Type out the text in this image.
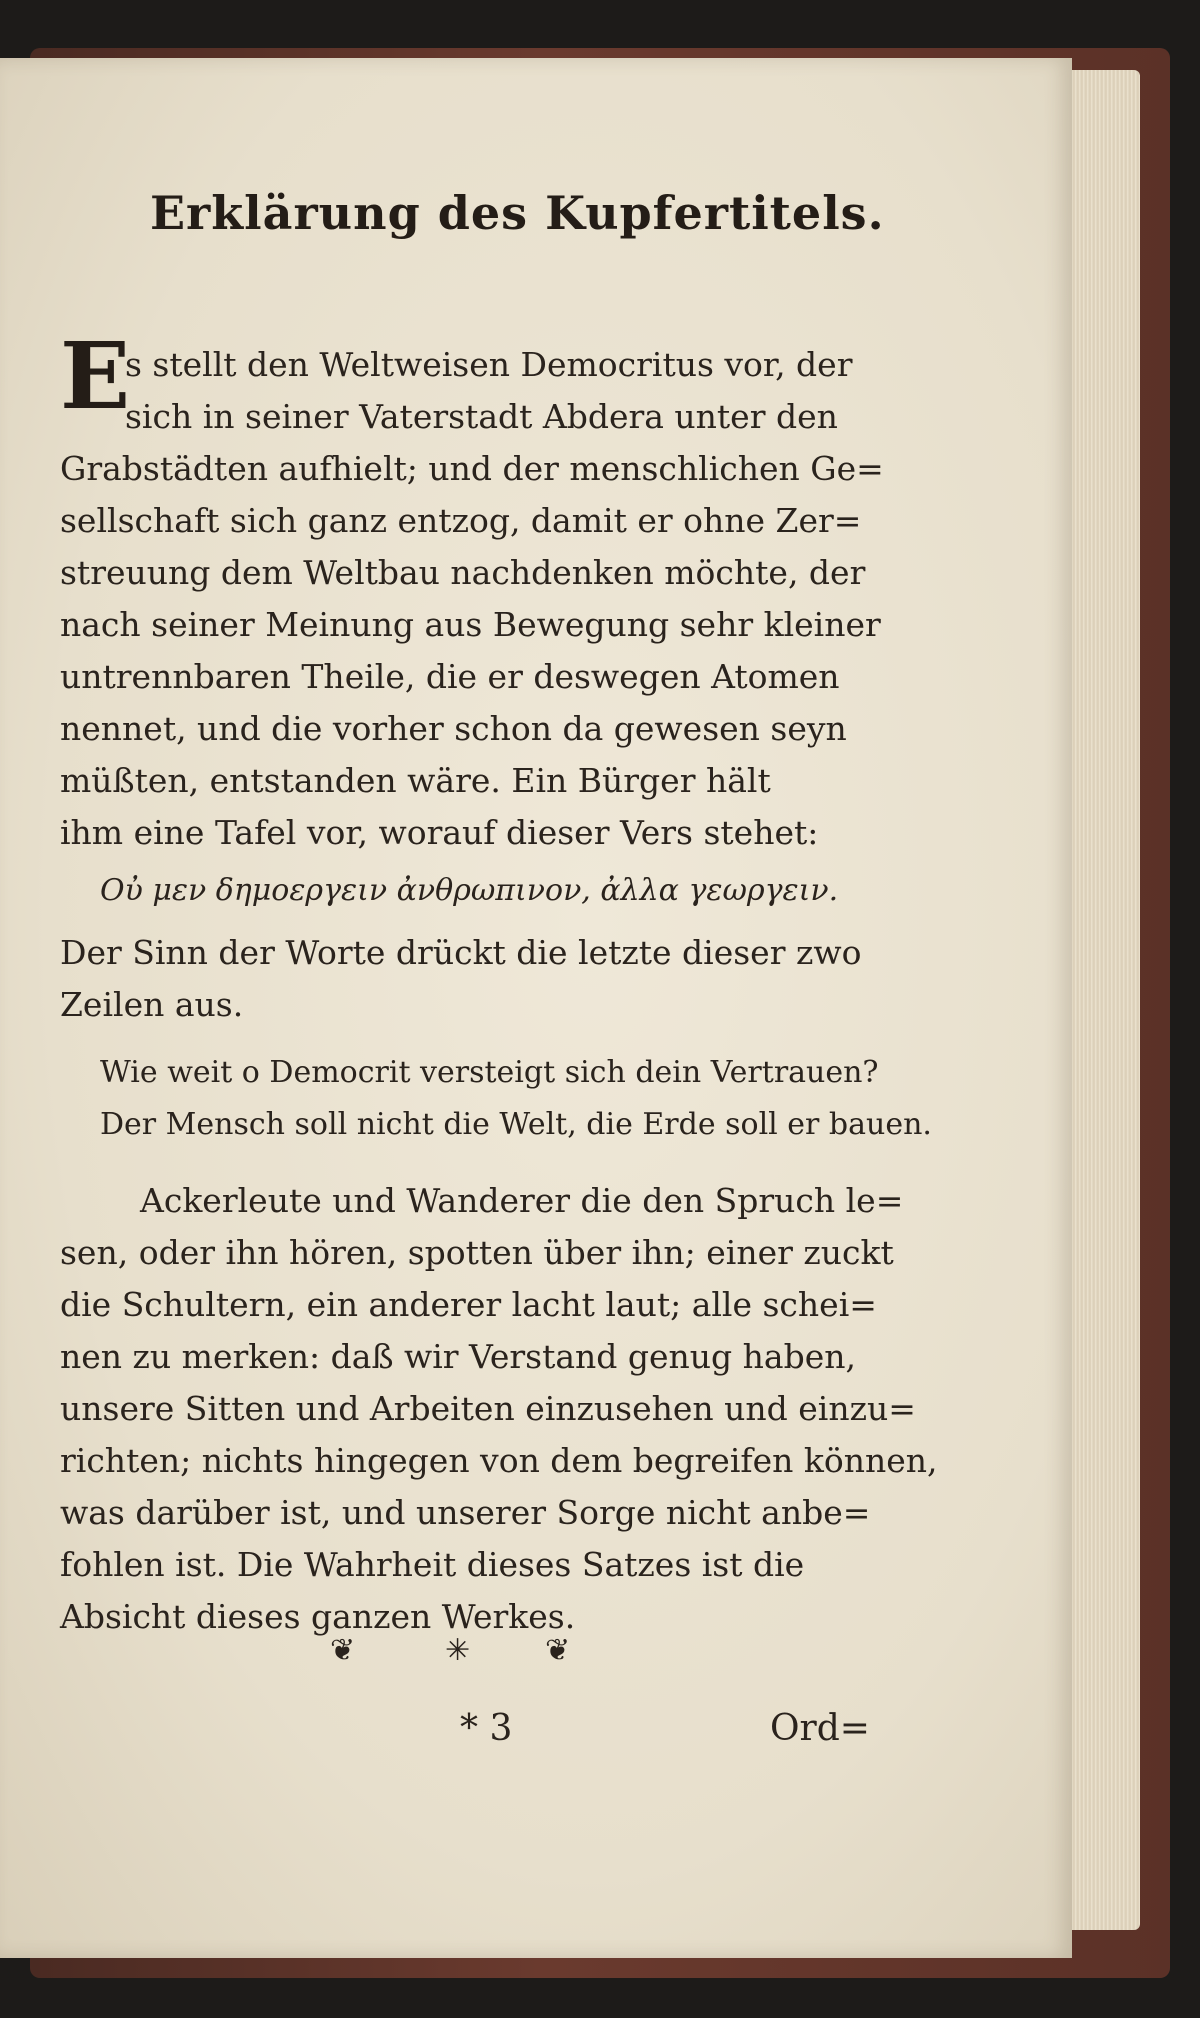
Erklärung des Kupfertitels.
E
s stellt den Weltweisen Democritus vor, der
sich in seiner Vaterstadt Abdera unter den
Grabstädten aufhielt; und der menschlichen Ge=
sellschaft sich ganz entzog, damit er ohne Zer=
streuung dem Weltbau nachdenken möchte, der
nach seiner Meinung aus Bewegung sehr kleiner
untrennbaren Theile, die er deswegen Atomen
nennet, und die vorher schon da gewesen seyn
müßten, entstanden wäre. Ein Bürger hält
ihm eine Tafel vor, worauf dieser Vers stehet:
Οὐ μεν δημοεργειν ἀνθρωπινον, ἀλλα γεωργειν.
Der Sinn der Worte drückt die letzte dieser zwo
Zeilen aus.
Wie weit o Democrit versteigt sich dein Vertrauen?
Der Mensch soll nicht die Welt, die Erde soll er bauen.
Ackerleute und Wanderer die den Spruch le=
sen, oder ihn hören, spotten über ihn; einer zuckt
die Schultern, ein anderer lacht laut; alle schei=
nen zu merken: daß wir Verstand genug haben,
unsere Sitten und Arbeiten einzusehen und einzu=
richten; nichts hingegen von dem begreifen können,
was darüber ist, und unserer Sorge nicht anbe=
fohlen ist. Die Wahrheit dieses Satzes ist die
Absicht dieses ganzen Werkes.
❦	✳ ❦
* 3	Ord=
